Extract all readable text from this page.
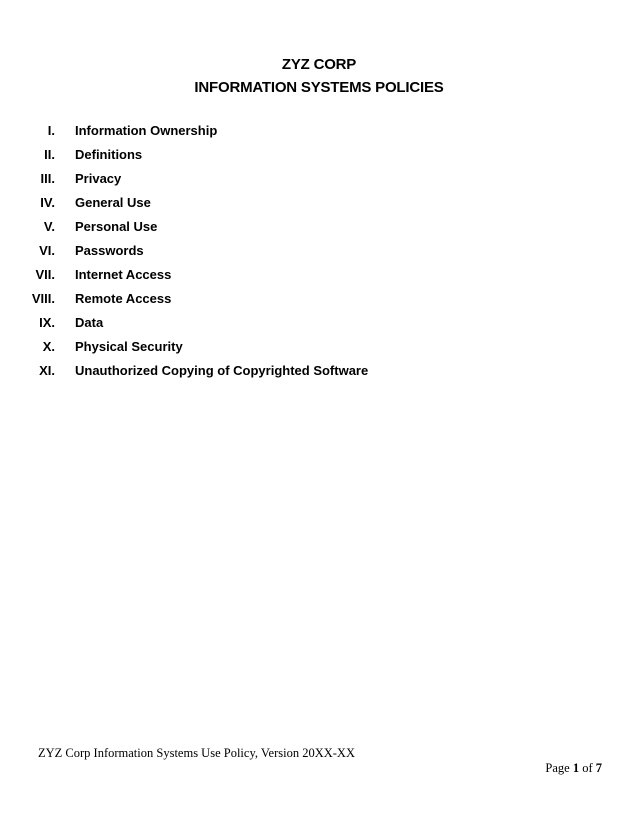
ZYZ CORP
INFORMATION SYSTEMS POLICIES
I. Information Ownership
II. Definitions
III. Privacy
IV. General Use
V. Personal Use
VI. Passwords
VII. Internet Access
VIII. Remote Access
IX. Data
X. Physical Security
XI. Unauthorized Copying of Copyrighted Software
ZYZ Corp Information Systems Use Policy, Version 20XX-XX
Page 1 of 7
